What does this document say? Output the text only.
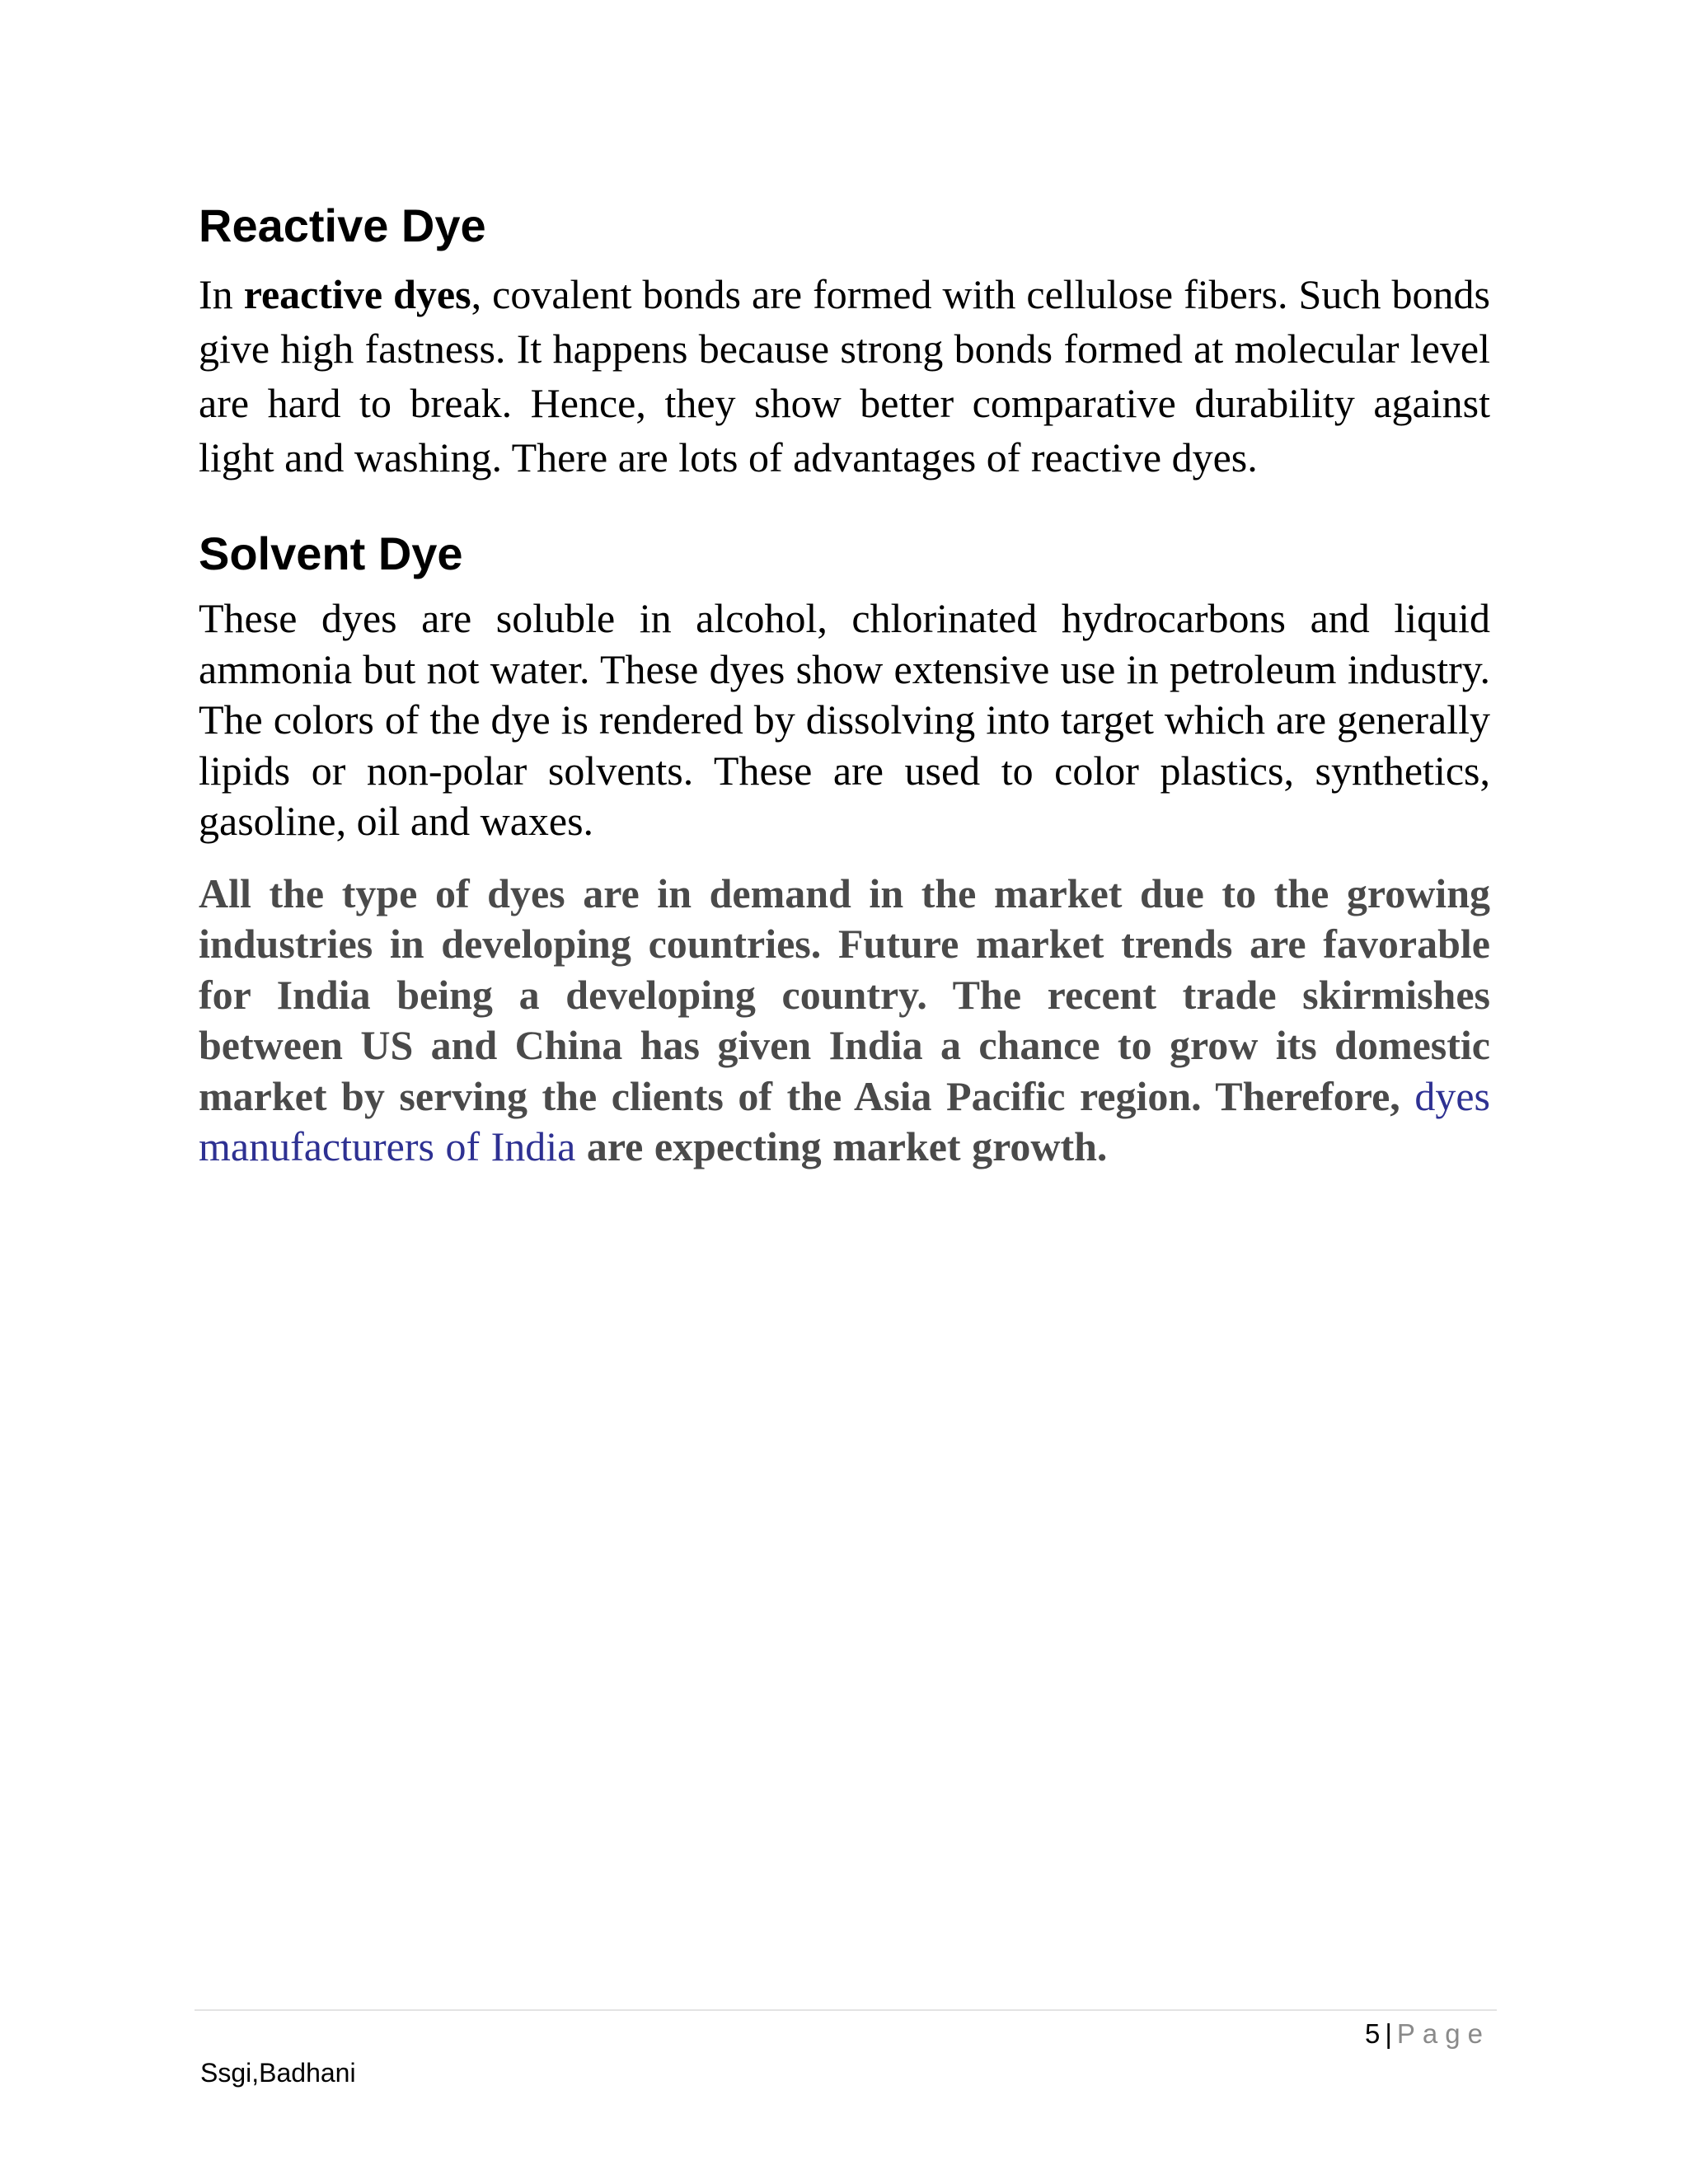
Reactive Dye

In reactive dyes, covalent bonds are formed with cellulose fibers. Such bonds give high fastness. It happens because strong bonds formed at molecular level are hard to break. Hence, they show better comparative durability against light and washing. There are lots of advantages of reactive dyes.

Solvent Dye

These dyes are soluble in alcohol, chlorinated hydrocarbons and liquid ammonia but not water. These dyes show extensive use in petroleum industry. The colors of the dye is rendered by dissolving into target which are generally lipids or non-polar solvents. These are used to color plastics, synthetics, gasoline, oil and waxes.

All the type of dyes are in demand in the market due to the growing industries in developing countries. Future market trends are favorable for India being a developing country. The recent trade skirmishes between US and China has given India a chance to grow its domestic market by serving the clients of the Asia Pacific region. Therefore, dyes manufacturers of India are expecting market growth.

5 | Page
Ssgi,Badhani
